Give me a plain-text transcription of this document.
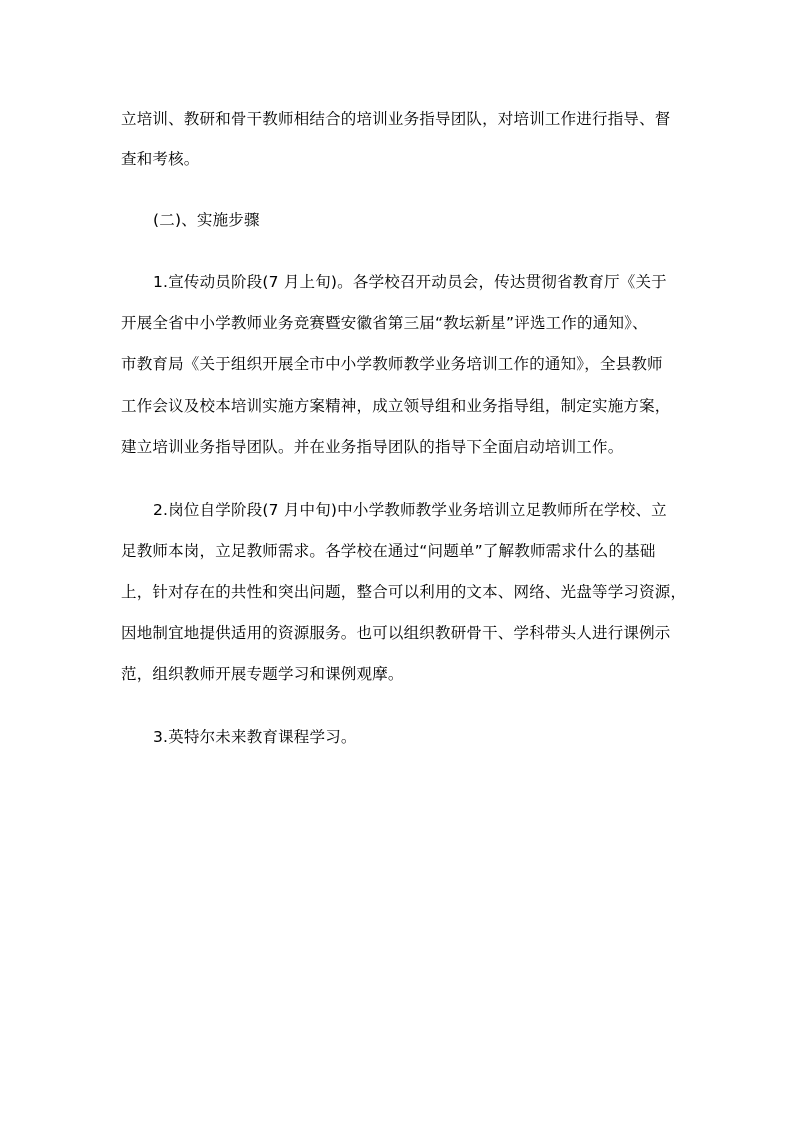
立培训、教研和骨干教师相结合的培训业务指导团队，对培训工作进行指导、督
查和考核。
(二)、实施步骤
1.宣传动员阶段(7 月上旬)。各学校召开动员会，传达贯彻省教育厅《关于
开展全省中小学教师业务竞赛暨安徽省第三届“教坛新星”评选工作的通知》、
市教育局《关于组织开展全市中小学教师教学业务培训工作的通知》，全县教师
工作会议及校本培训实施方案精神，成立领导组和业务指导组，制定实施方案，
建立培训业务指导团队。并在业务指导团队的指导下全面启动培训工作。
2.岗位自学阶段(7 月中旬)中小学教师教学业务培训立足教师所在学校、立
足教师本岗，立足教师需求。各学校在通过“问题单”了解教师需求什么的基础
上，针对存在的共性和突出问题，整合可以利用的文本、网络、光盘等学习资源，
因地制宜地提供适用的资源服务。也可以组织教研骨干、学科带头人进行课例示
范，组织教师开展专题学习和课例观摩。
3.英特尔未来教育课程学习。
